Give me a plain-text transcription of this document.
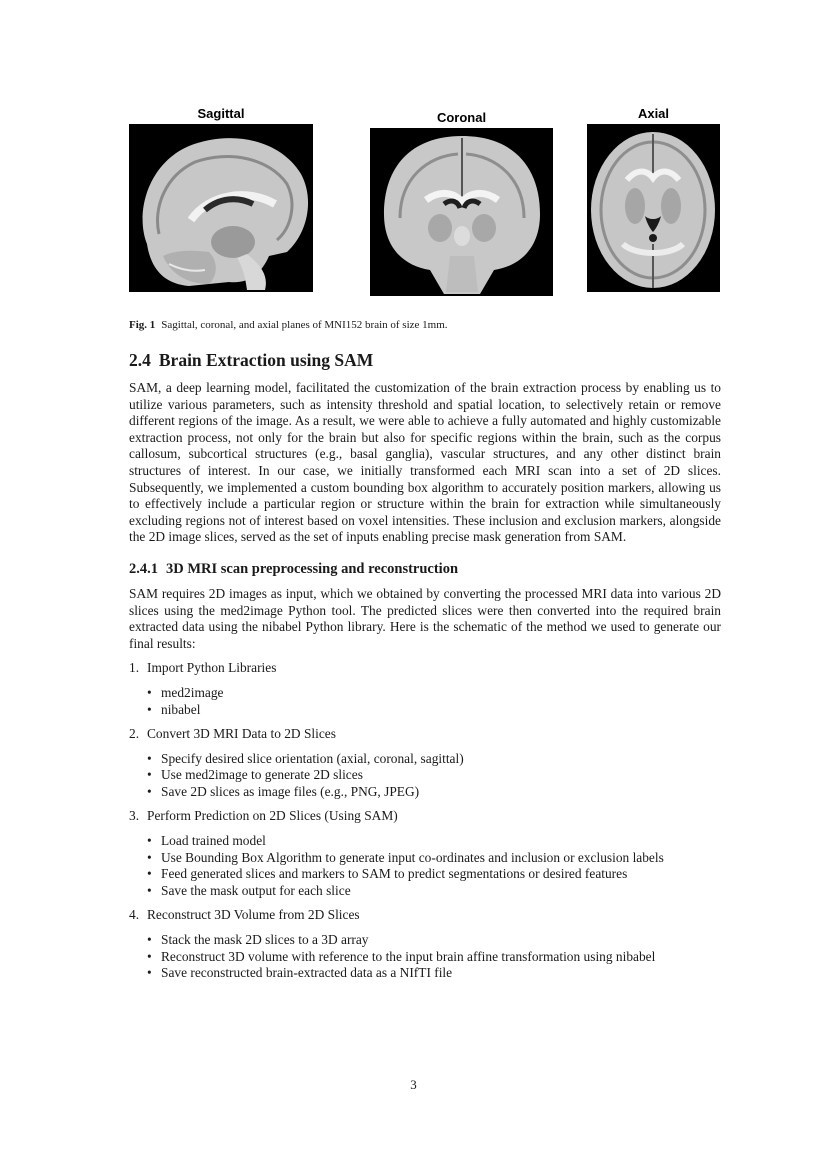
Sagittal	Coronal	Axial
Fig. 1 Sagittal, coronal, and axial planes of MNI152 brain of size 1mm.
2.4 Brain Extraction using SAM

SAM, a deep learning model, facilitated the customization of the brain extraction process by enabling us to utilize various parameters, such as intensity threshold and spatial location, to selectively retain or remove different regions of the image. As a result, we were able to achieve a fully automated and highly customizable extraction process, not only for the brain but also for specific regions within the brain, such as the corpus callosum, subcortical structures (e.g., basal ganglia), vascular structures, and any other distinct brain structures of interest. In our case, we initially transformed each MRI scan into a set of 2D slices. Subsequently, we implemented a custom bounding box algorithm to accurately position markers, allowing us to effectively include a particular region or structure within the brain for extraction while simultaneously excluding regions not of interest based on voxel intensities. These inclusion and exclusion markers, alongside the 2D image slices, served as the set of inputs enabling precise mask generation from SAM.

2.4.1 3D MRI scan preprocessing and reconstruction

SAM requires 2D images as input, which we obtained by converting the processed MRI data into various 2D slices using the med2image Python tool. The predicted slices were then converted into the required brain extracted data using the nibabel Python library. Here is the schematic of the method we used to generate our final results:

1. Import Python Libraries
• med2image
• nibabel
2. Convert 3D MRI Data to 2D Slices
• Specify desired slice orientation (axial, coronal, sagittal)
• Use med2image to generate 2D slices
• Save 2D slices as image files (e.g., PNG, JPEG)
3. Perform Prediction on 2D Slices (Using SAM)
• Load trained model
• Use Bounding Box Algorithm to generate input co-ordinates and inclusion or exclusion labels
• Feed generated slices and markers to SAM to predict segmentations or desired features
• Save the mask output for each slice
4. Reconstruct 3D Volume from 2D Slices
• Stack the mask 2D slices to a 3D array
• Reconstruct 3D volume with reference to the input brain affine transformation using nibabel
• Save reconstructed brain-extracted data as a NIfTI file
3
